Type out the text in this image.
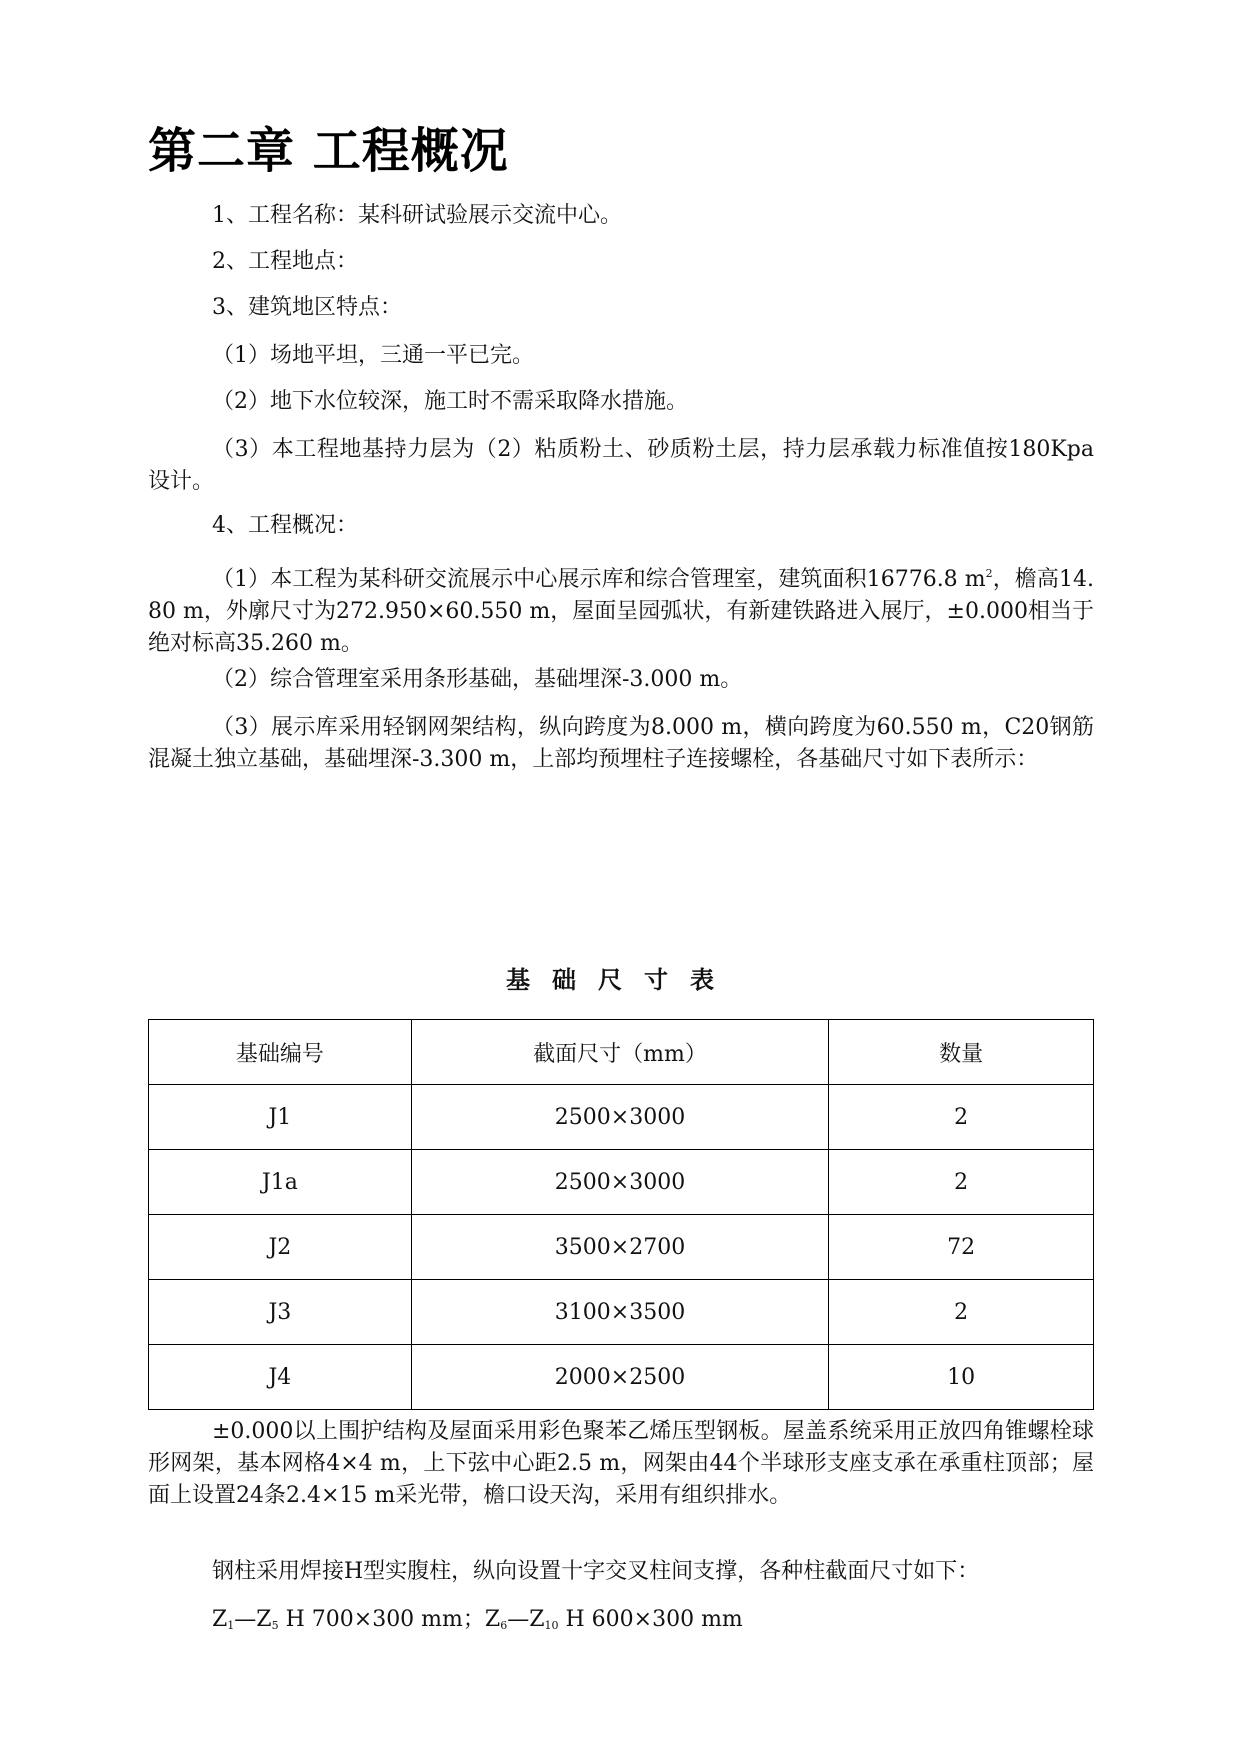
第二章 工程概况

1、工程名称：某科研试验展示交流中心。

2、工程地点：

3、建筑地区特点：

（1）场地平坦，三通一平已完。

（2）地下水位较深，施工时不需采取降水措施。

（3）本工程地基持力层为（2）粘质粉土、砂质粉土层，持力层承载力标准值按180Kpa设计。

4、工程概况：

（1）本工程为某科研交流展示中心展示库和综合管理室，建筑面积16776.8 $m^2$，檐高14.80 m，外廓尺寸为272.950×60.550 m，屋面呈园弧状，有新建铁路进入展厅，±0.000相当于绝对标高35.260 m。

（2）综合管理室采用条形基础，基础埋深-3.000 m。

（3）展示库采用轻钢网架结构，纵向跨度为8.000 m，横向跨度为60.550 m，C20钢筋混凝土独立基础，基础埋深-3.300 m，上部均预埋柱子连接螺栓，各基础尺寸如下表所示：

基础尺寸表

基础编号	截面尺寸（mm）	数量
J1	2500×3000	2
J1a	2500×3000	2
J2	3500×2700	72
J3	3100×3500	2
J4	2000×2500	10

±0.000以上围护结构及屋面采用彩色聚苯乙烯压型钢板。屋盖系统采用正放四角锥螺栓球形网架，基本网格4×4 m，上下弦中心距2.5 m，网架由44个半球形支座支承在承重柱顶部；屋面上设置24条2.4×15 m采光带，檐口设天沟，采用有组织排水。

钢柱采用焊接H型实腹柱，纵向设置十字交叉柱间支撑，各种柱截面尺寸如下：

$Z_1—Z_5$ H 700×300 mm；$Z_6—Z_{10}$ H 600×300 mm
